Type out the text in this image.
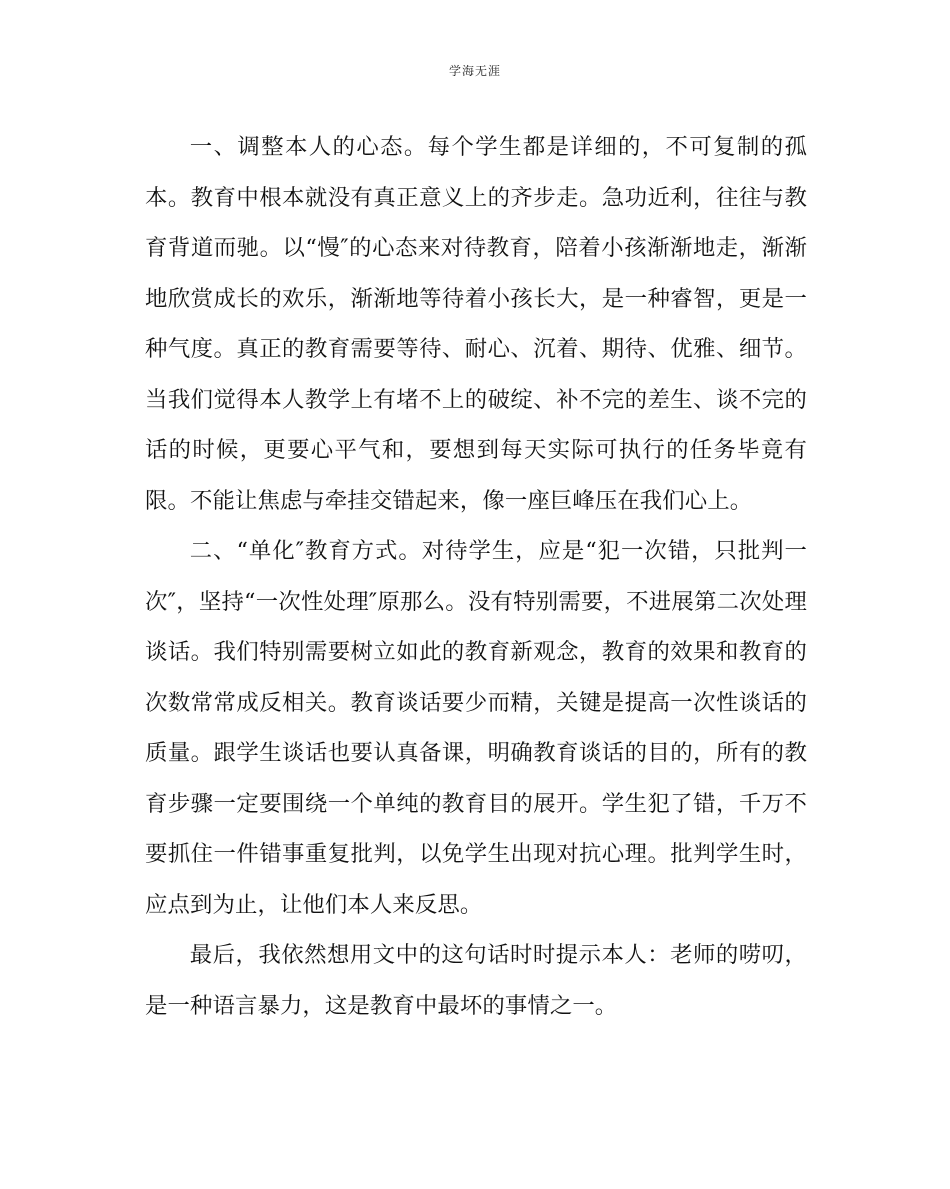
学海无涯

一、调整本人的心态。每个学生都是详细的，不可复制的孤本。教育中根本就没有真正意义上的齐步走。急功近利，往往与教育背道而驰。以“慢″的心态来对待教育，陪着小孩渐渐地走，渐渐地欣赏成长的欢乐，渐渐地等待着小孩长大，是一种睿智，更是一种气度。真正的教育需要等待、耐心、沉着、期待、优雅、细节。当我们觉得本人教学上有堵不上的破绽、补不完的差生、谈不完的话的时候，更要心平气和，要想到每天实际可执行的任务毕竟有限。不能让焦虑与牵挂交错起来，像一座巨峰压在我们心上。

二、“单化″教育方式。对待学生，应是“犯一次错，只批判一次″，坚持“一次性处理″原那么。没有特别需要，不进展第二次处理谈话。我们特别需要树立如此的教育新观念，教育的效果和教育的次数常常成反相关。教育谈话要少而精，关键是提高一次性谈话的质量。跟学生谈话也要认真备课，明确教育谈话的目的，所有的教育步骤一定要围绕一个单纯的教育目的展开。学生犯了错，千万不要抓住一件错事重复批判，以免学生出现对抗心理。批判学生时，应点到为止，让他们本人来反思。

最后，我依然想用文中的这句话时时提示本人：老师的唠叨，是一种语言暴力，这是教育中最坏的事情之一。
